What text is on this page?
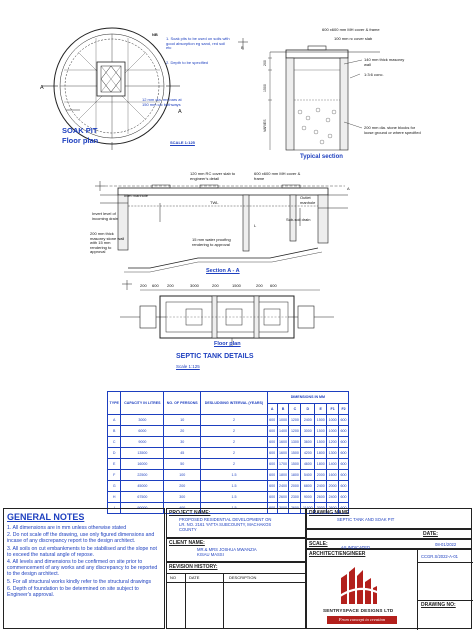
NB
A
A
B
200
1500
VARIES
A
1. Soak pits to be used on soils with good absorption eg sand, red soil etc
2. Depth to be specified
12 mm dia. ms bars at 150 mm c/c bothways
SOAK PIT
Floor plan	SCALE 1:125
600 x600 mm MH cover & frame
100 mm rc cover slab
140 mm thick masonry wall
1:3:6 conc.
200 mm dia. stone blocks for loose ground or where specified
Typical section
Inlet manhole
120 mm RC cover slab to engineer's detail
600 x600 mm MH cover & frame
Outlet manhole
TWL
Invert level of incoming drain
200 mm thick masonry stone wall with 15 mm rendering to approval
Sub-soil drain
15 mm water proofing rendering to approval
L
Section A - A
200 600 200	3000	200	1500	200 600
Floor plan
SEPTIC TANK DETAILS
Scale 1:125
TYPE	CAPACITY IN LITRES	NO. OF PERSONS	DESLUDGING INTERVAL (YEARS)	DIMENSIONS IN MM						
				A	B	C	D	E	F1	F2
A	3000	10	2	600	1000	1200	2400	1500	1000	600
B	6000	20	2	600	1400	1200	3000	1500	1000	600
C	9000	30	2	600	1600	1300	3600	1500	1200	600
D	13500	45	2	600	1600	1500	4200	1800	1300	600
E	16000	50	2	600	1700	1500	4600	1800	1400	600
F	22500	100	1.5	600	1800	1800	5400	2000	1600	600
G	45000	200	1.5	600	2400	2000	6800	2400	2000	600
H	67500	300	1.5	600	2600	2300	9000	2600	2400	600
I	90000	400	1.5	600	3000	2600	11600	3000	2600	600
GENERAL NOTES

1. All dimensions are in mm unless otherwise stated

2. Do not scale off the drawing, use only figured dimensions and incase of any discrepancy report to the design architect.

3. All soils on cut embankments to be stabilised and the slope not to exceed the natural angle of repose.

4. All levels and dimensions to be confirmed on site prior to commencement of any works and any discrepancy to be reported to the design architect.

5. For all structural works kindly refer to the structural drawings

6. Depth of foundation to be determined on site subject to Engineer's approval.

PROJECT NAME:
PROPOSED RESIDENTIAL DEVELOPMENT ON LR. NO. 2161 YATTA SUBCOUNTY, MACHAKOS COUNTY
CLIENT NAME:
MR.& MRS JOSHUA MWANZIA KISAU MASSI
REVISION HISTORY:
NO	DATE	DESCRIPTION
DRAWING NAME
SEPTIC TANK AND SOAK PIT
DATE:
SCALE:
AS INDICATED
08-01/2022
ARCHITECT/ENGINEER	CCGR.S/2022-A-01
DRAWING NO:
SENTRYSPACE DESIGNS LTD
From concept to creation
